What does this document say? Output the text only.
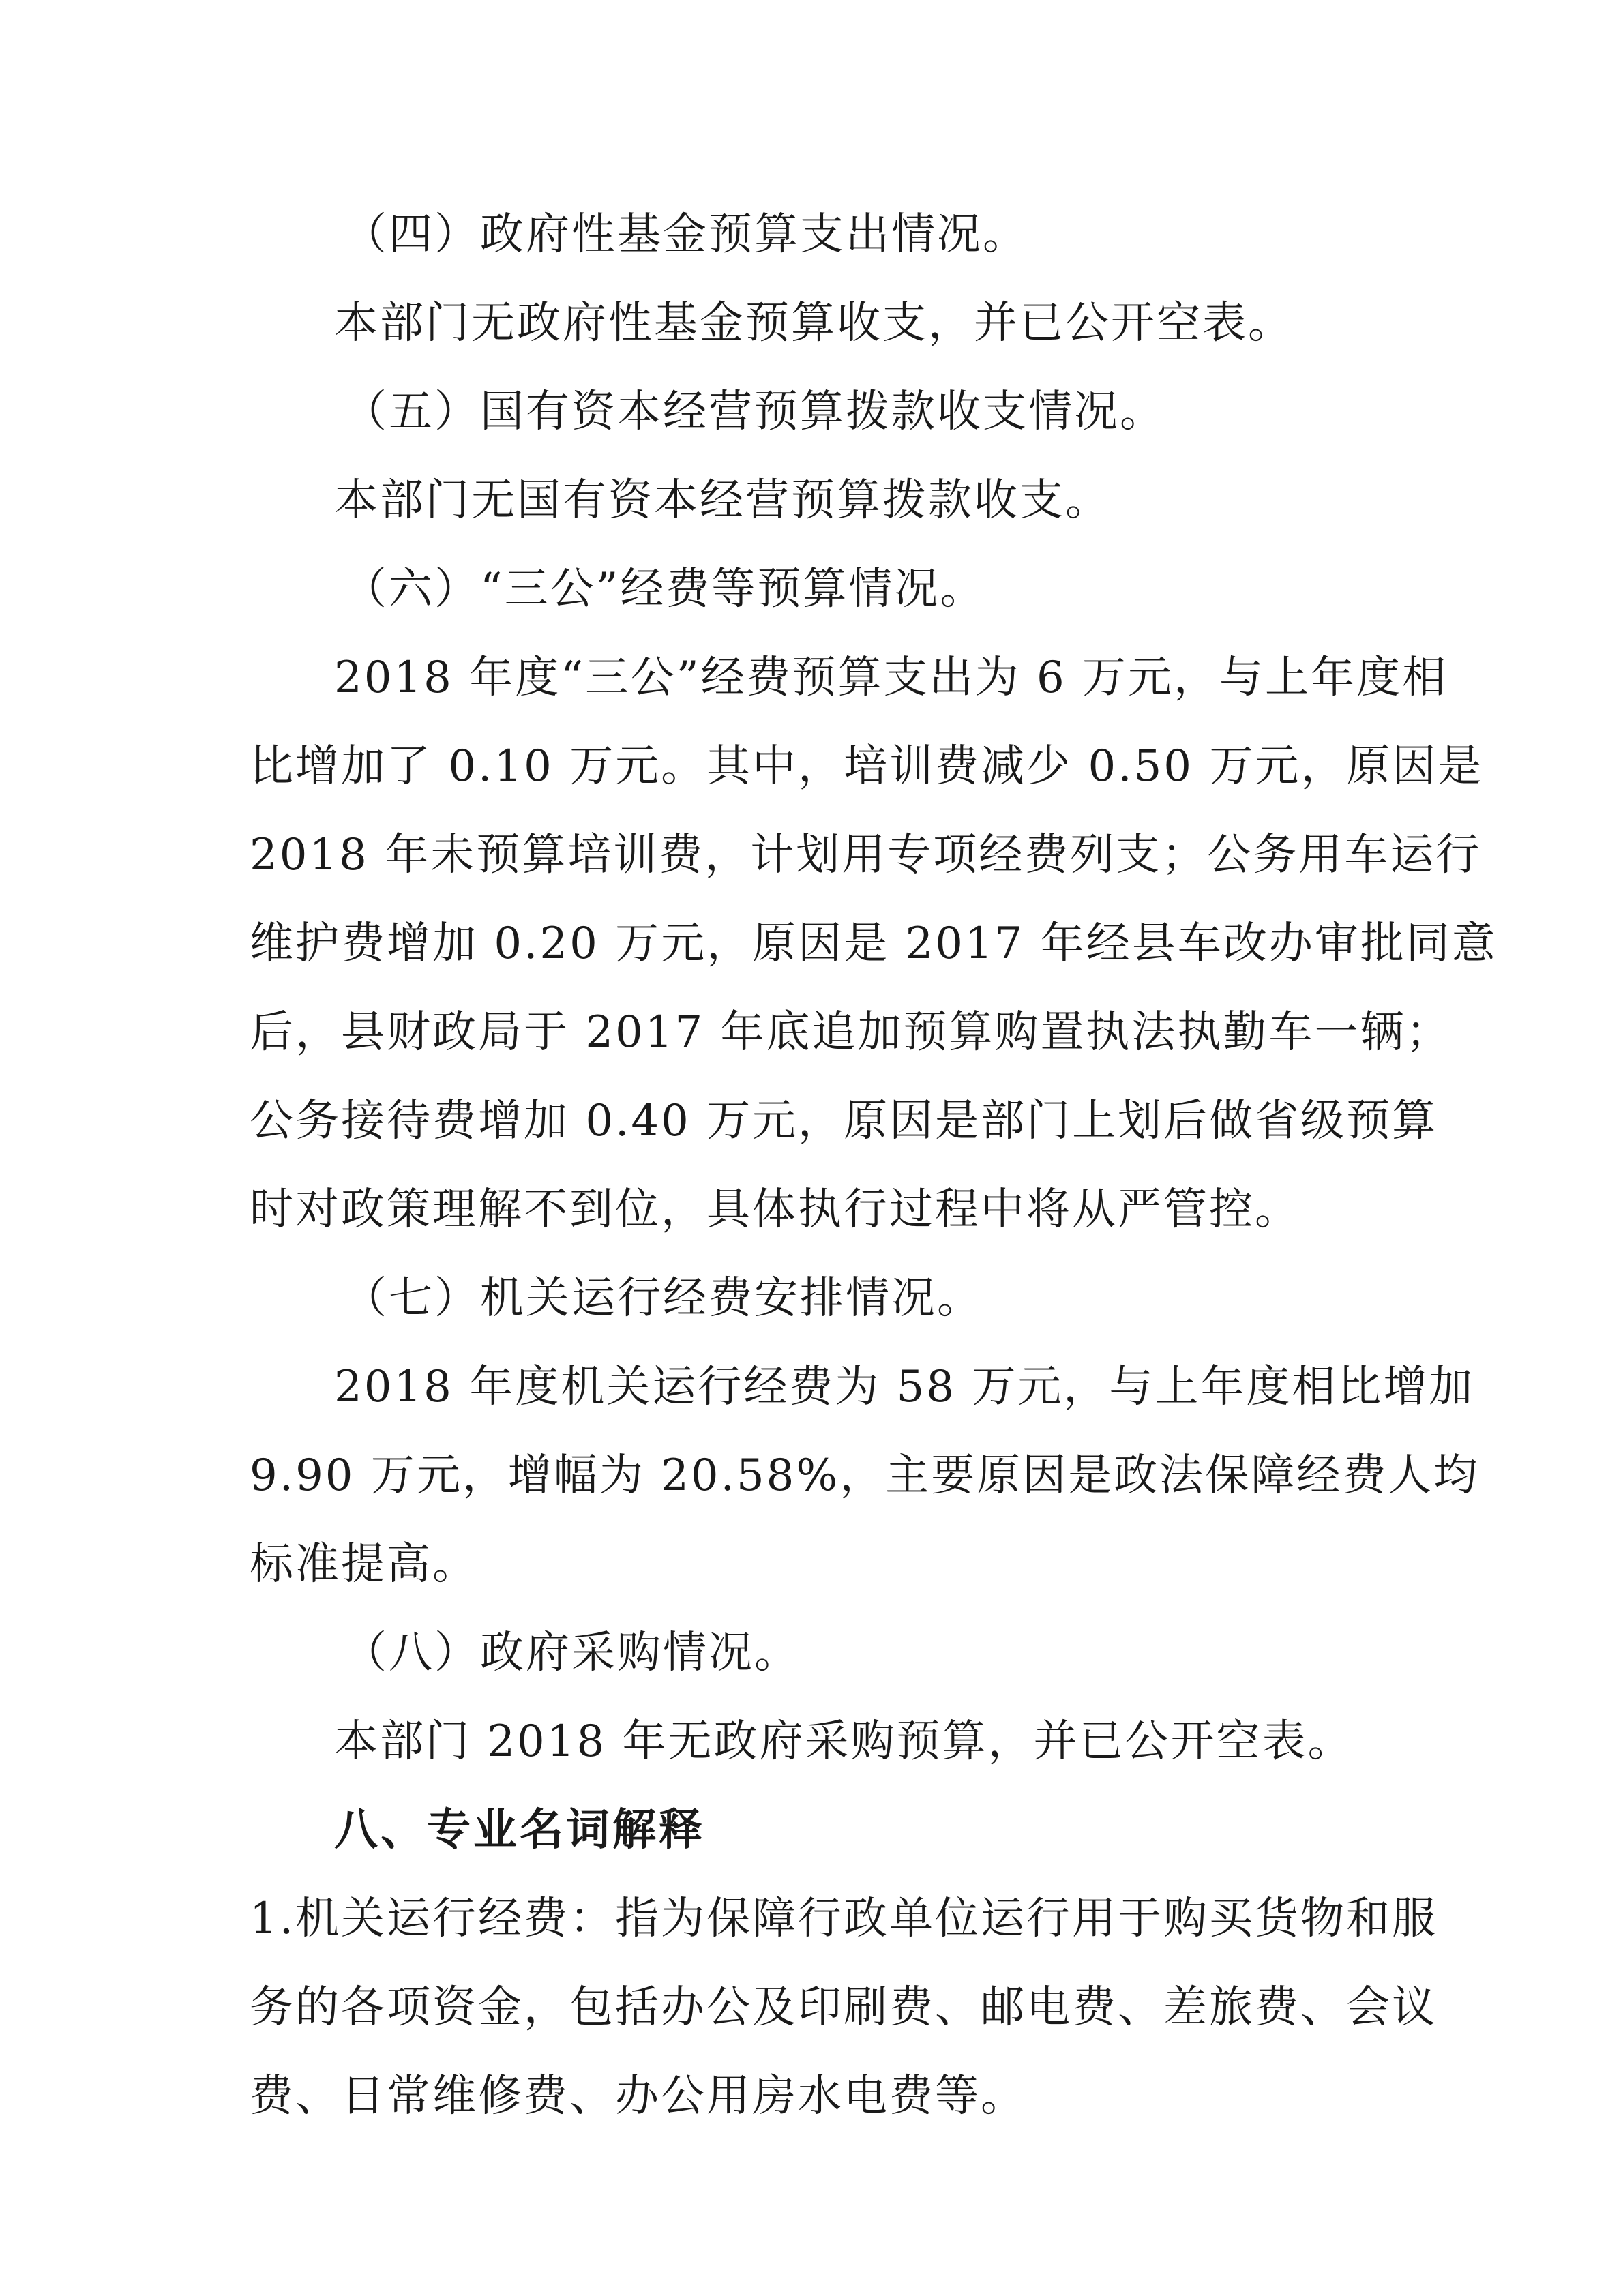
（四）政府性基金预算支出情况。
本部门无政府性基金预算收支，并已公开空表。
（五）国有资本经营预算拨款收支情况。
本部门无国有资本经营预算拨款收支。
（六）“三公”经费等预算情况。
2018 年度“三公”经费预算支出为 6 万元，与上年度相
比增加了 0.10 万元。其中，培训费减少 0.50 万元，原因是
2018 年未预算培训费，计划用专项经费列支；公务用车运行
维护费增加 0.20 万元，原因是 2017 年经县车改办审批同意
后，县财政局于 2017 年底追加预算购置执法执勤车一辆；
公务接待费增加 0.40 万元，原因是部门上划后做省级预算
时对政策理解不到位，具体执行过程中将从严管控。
（七）机关运行经费安排情况。
2018 年度机关运行经费为 58 万元，与上年度相比增加
9.90 万元，增幅为 20.58%，主要原因是政法保障经费人均
标准提高。
（八）政府采购情况。
本部门 2018 年无政府采购预算，并已公开空表。
八、专业名词解释
1.机关运行经费：指为保障行政单位运行用于购买货物和服
务的各项资金，包括办公及印刷费、邮电费、差旅费、会议
费、日常维修费、办公用房水电费等。
